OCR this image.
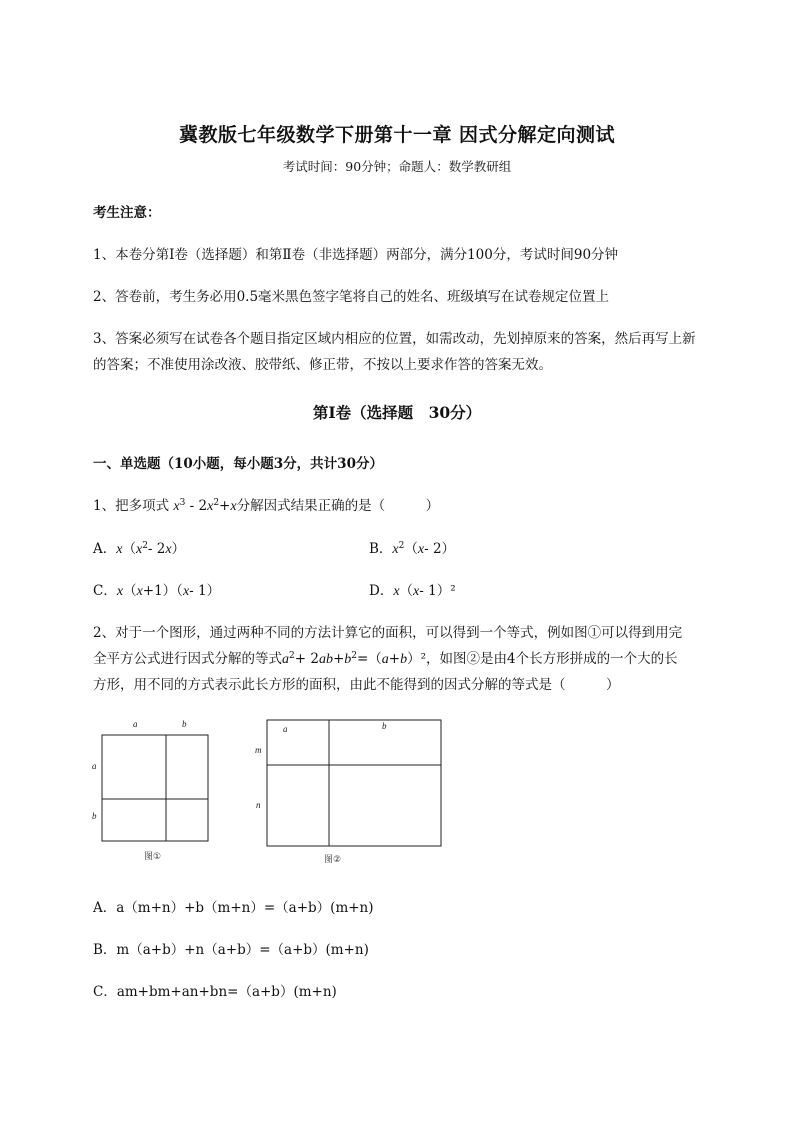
冀教版七年级数学下册第十一章 因式分解定向测试
考试时间：90分钟；命题人：数学教研组
考生注意：
1、本卷分第I卷（选择题）和第Ⅱ卷（非选择题）两部分，满分100分，考试时间90分钟
2、答卷前，考生务必用0.5毫米黑色签字笔将自己的姓名、班级填写在试卷规定位置上
3、答案必须写在试卷各个题目指定区域内相应的位置，如需改动，先划掉原来的答案，然后再写上新
的答案；不准使用涂改液、胶带纸、修正带，不按以上要求作答的答案无效。
第I卷（选择题　30分）
一、单选题（10小题，每小题3分，共计30分）
1、把多项式 $x^3 - 2x^2+x$分解因式结果正确的是（　　　）
A．$x(x^2-$ 2x）	B．$x^2(x-$ 2）
C．x（x+1）（x- 1）	D．x（x- 1）²
2、对于一个图形，通过两种不同的方法计算它的面积，可以得到一个等式，例如图①可以得到用完
全平方公式进行因式分解的等式$a^2+ 2ab+b^2=(a+b)^2$，如图②是由4个长方形拼成的一个大的长
方形，用不同的方式表示此长方形的面积，由此不能得到的因式分解的等式是（　　　）
a	b
a
b
图①
a	b
m
n
图②
A．a（m+n）+b（m+n）=（a+b）(m+n)
B．m（a+b）+n（a+b）=（a+b）(m+n)
C．am+bm+an+bn=（a+b）(m+n)
